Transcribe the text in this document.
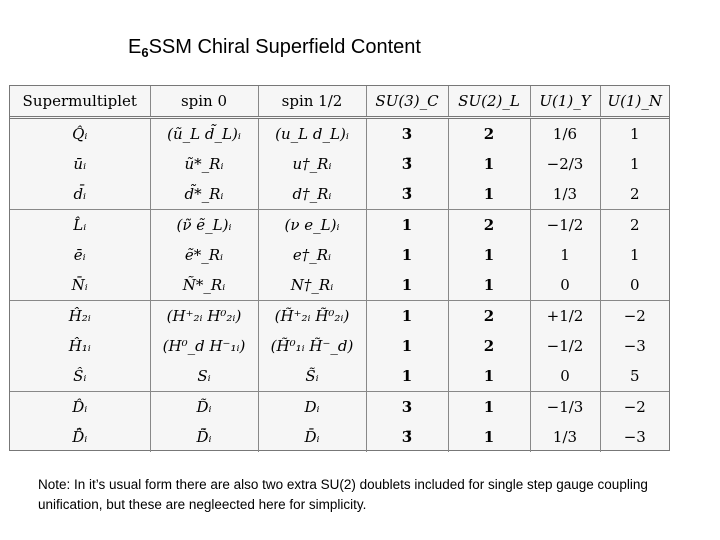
$E_6SSM$ Chiral Superfield Content
Supermultiplet	spin 0	spin 1/2	SU(3)_C	SU(2)_L	U(1)_Y	U(1)_N
Q̂ᵢ	(ũ_L d̃_L)ᵢ	(u_L d_L)ᵢ	3	2	1/6	1
ūᵢ	ũ*_Rᵢ	u†_Rᵢ	3̄	1	−2/3	1
d̄ᵢ	d̃*_Rᵢ	d†_Rᵢ	3̄	1	1/3	2
L̂ᵢ	(ν̃ ẽ_L)ᵢ	(ν e_L)ᵢ	1	2	−1/2	2
ēᵢ	ẽ*_Rᵢ	e†_Rᵢ	1	1	1	1
N̄ᵢ	Ñ*_Rᵢ	N†_Rᵢ	1	1	0	0
Ĥ₂ᵢ	(H⁺₂ᵢ H⁰₂ᵢ)	(H̃⁺₂ᵢ H̃⁰₂ᵢ)	1	2	+1/2	−2
Ĥ₁ᵢ	(H⁰_d H⁻₁ᵢ)	(H̃⁰₁ᵢ H̃⁻_d)	1	2	−1/2	−3
Ŝᵢ	Sᵢ	S̃ᵢ	1	1	0	5
D̂ᵢ	D̃ᵢ	Dᵢ	3	1	−1/3	−2
D̄̂ᵢ	D̃̄ᵢ	D̄ᵢ	3̄	1	1/3	−3
Note: In it’s usual form there are also two extra SU(2) doublets included for single step gauge coupling unification, but these are negleected here for simplicity.
